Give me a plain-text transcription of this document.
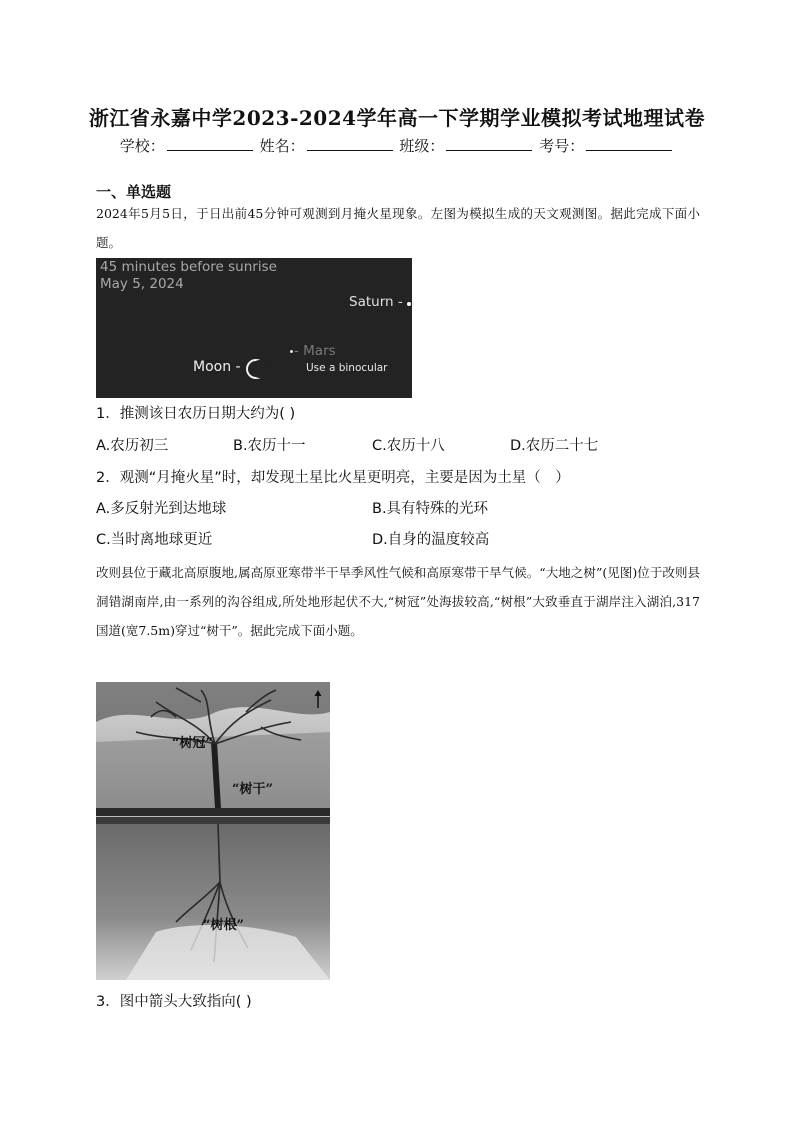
浙江省永嘉中学2023-2024学年高一下学期学业模拟考试地理试卷
学校：	姓名：	班级：	考号：
一、单选题
2024年5月5日，于日出前45分钟可观测到月掩火星现象。左图为模拟生成的天文观测图。据此完成下面小题。
45 minutes before sunrise
May 5, 2024
Saturn -
- Mars
Moon -	Use a binocular
1．推测该日农历日期大约为( )
A.农历初三	B.农历十一	C.农历十八	D.农历二十七
2．观测“月掩火星”时，却发现土星比火星更明亮，主要是因为土星（　）
A.多反射光到达地球	B.具有特殊的光环
C.当时离地球更近	D.自身的温度较高
改则县位于藏北高原腹地,属高原亚寒带半干旱季风性气候和高原寒带干旱气候。“大地之树”(见图)位于改则县洞错湖南岸,由一系列的沟谷组成,所处地形起伏不大,“树冠”处海拔较高,“树根”大致垂直于湖岸注入湖泊,317国道(宽7.5m)穿过“树干”。据此完成下面小题。
“树冠”
“树干”
“树根”
3．图中箭头大致指向( )
